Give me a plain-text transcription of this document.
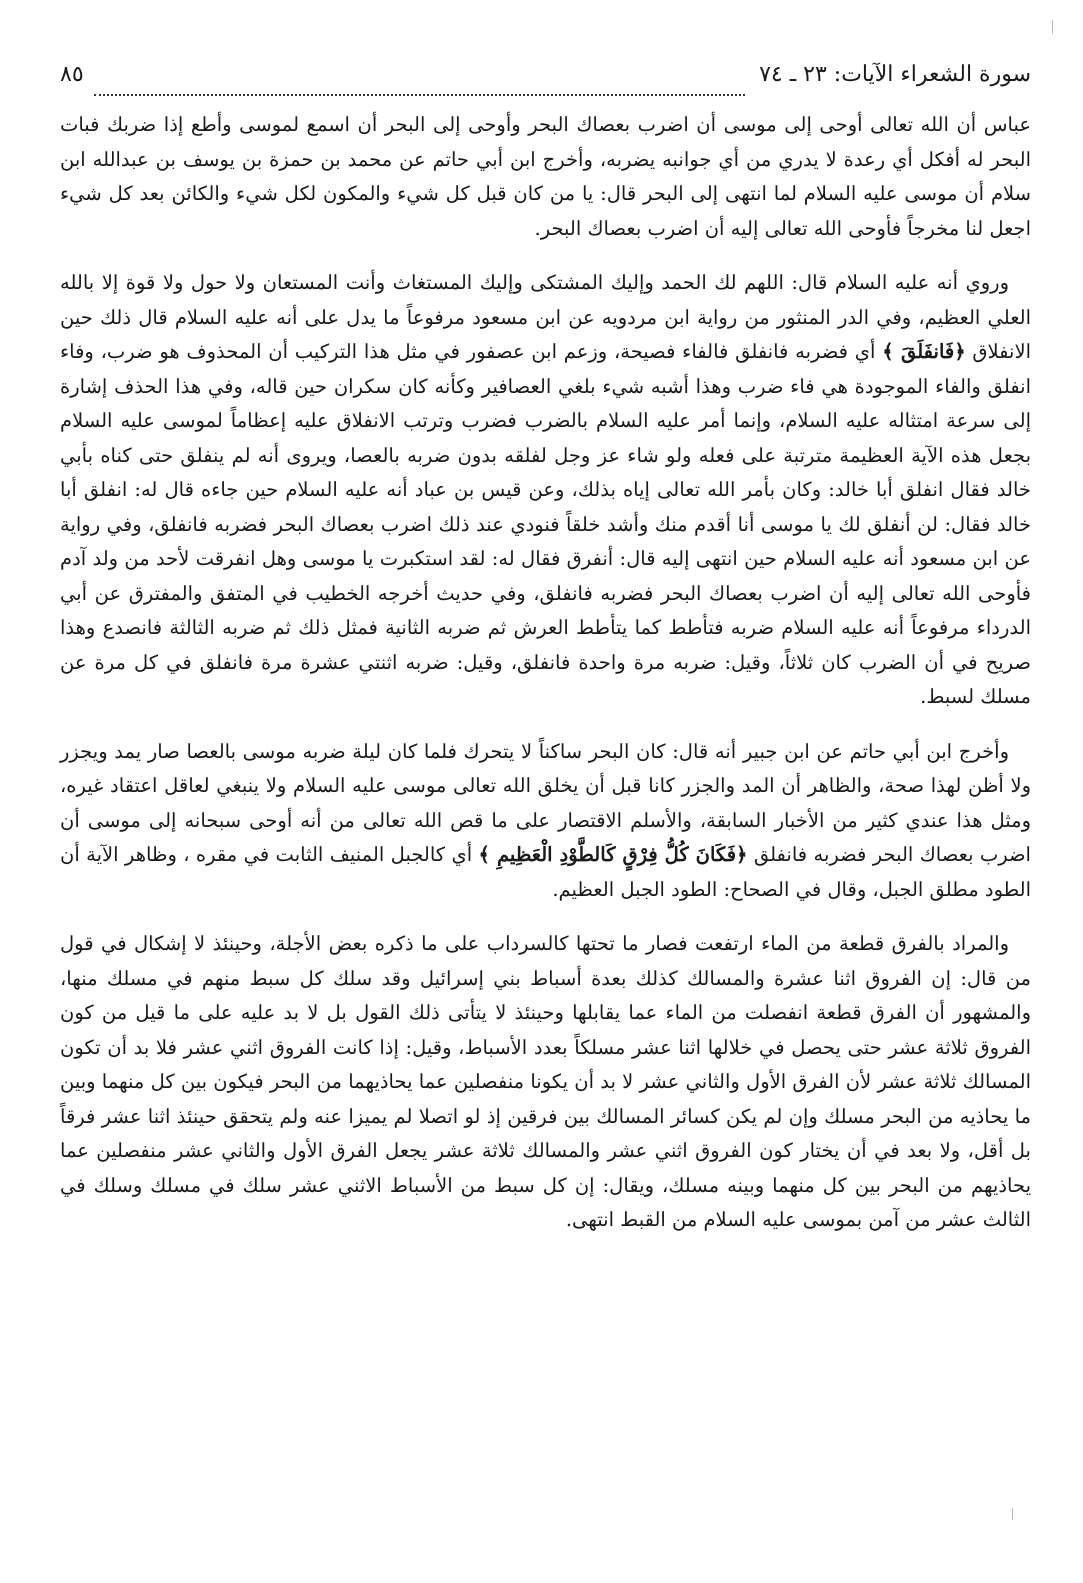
سورة الشعراء الآيات: ٢٣ ـ ٧٤
٨٥

عباس أن الله تعالى أوحى إلى موسى أن اضرب بعصاك البحر وأوحى إلى البحر أن اسمع لموسى وأطع إذا ضربك فبات البحر له أفكل أي رعدة لا يدري من أي جوانبه يضربه، وأخرج ابن أبي حاتم عن محمد بن حمزة بن يوسف بن عبدالله ابن سلام أن موسى عليه السلام لما انتهى إلى البحر قال: يا من كان قبل كل شيء والمكون لكل شيء والكائن بعد كل شيء اجعل لنا مخرجاً فأوحى الله تعالى إليه أن اضرب بعصاك البحر.

وروي أنه عليه السلام قال: اللهم لك الحمد وإليك المشتكى وإليك المستغاث وأنت المستعان ولا حول ولا قوة إلا بالله العلي العظيم، وفي الدر المنثور من رواية ابن مردويه عن ابن مسعود مرفوعاً ما يدل على أنه عليه السلام قال ذلك حين الانفلاق ﴿فَانفَلَقَ ﴾ أي فضربه فانفلق فالفاء فصيحة، وزعم ابن عصفور في مثل هذا التركيب أن المحذوف هو ضرب، وفاء انفلق والفاء الموجودة هي فاء ضرب وهذا أشبه شيء بلغي العصافير وكأنه كان سكران حين قاله، وفي هذا الحذف إشارة إلى سرعة امتثاله عليه السلام، وإنما أمر عليه السلام بالضرب فضرب وترتب الانفلاق عليه إعظاماً لموسى عليه السلام بجعل هذه الآية العظيمة مترتبة على فعله ولو شاء عز وجل لفلقه بدون ضربه بالعصا، ويروى أنه لم ينفلق حتى كناه بأبي خالد فقال انفلق أبا خالد: وكان بأمر الله تعالى إياه بذلك، وعن قيس بن عباد أنه عليه السلام حين جاءه قال له: انفلق أبا خالد فقال: لن أنفلق لك يا موسى أنا أقدم منك وأشد خلقاً فنودي عند ذلك اضرب بعصاك البحر فضربه فانفلق، وفي رواية عن ابن مسعود أنه عليه السلام حين انتهى إليه قال: أنفرق فقال له: لقد استكبرت يا موسى وهل انفرقت لأحد من ولد آدم فأوحى الله تعالى إليه أن اضرب بعصاك البحر فضربه فانفلق، وفي حديث أخرجه الخطيب في المتفق والمفترق عن أبي الدرداء مرفوعاً أنه عليه السلام ضربه فتأطط كما يتأطط العرش ثم ضربه الثانية فمثل ذلك ثم ضربه الثالثة فانصدع وهذا صريح في أن الضرب كان ثلاثاً، وقيل: ضربه مرة واحدة فانفلق، وقيل: ضربه اثنتي عشرة مرة فانفلق في كل مرة عن مسلك لسبط.

وأخرج ابن أبي حاتم عن ابن جبير أنه قال: كان البحر ساكناً لا يتحرك فلما كان ليلة ضربه موسى بالعصا صار يمد ويجزر ولا أظن لهذا صحة، والظاهر أن المد والجزر كانا قبل أن يخلق الله تعالى موسى عليه السلام ولا ينبغي لعاقل اعتقاد غيره، ومثل هذا عندي كثير من الأخبار السابقة، والأسلم الاقتصار على ما قص الله تعالى من أنه أوحى سبحانه إلى موسى أن اضرب بعصاك البحر فضربه فانفلق ﴿فَكَانَ كُلُّ فِرْقٍ كَالطَّوْدِ الْعَظِيمِ ﴾ أي كالجبل المنيف الثابت في مقره ، وظاهر الآية أن الطود مطلق الجبل، وقال في الصحاح: الطود الجبل العظيم.

والمراد بالفرق قطعة من الماء ارتفعت فصار ما تحتها كالسرداب على ما ذكره بعض الأجلة، وحينئذ لا إشكال في قول من قال: إن الفروق اثنا عشرة والمسالك كذلك بعدة أسباط بني إسرائيل وقد سلك كل سبط منهم في مسلك منها، والمشهور أن الفرق قطعة انفصلت من الماء عما يقابلها وحينئذ لا يتأتى ذلك القول بل لا بد عليه على ما قيل من كون الفروق ثلاثة عشر حتى يحصل في خلالها اثنا عشر مسلكاً بعدد الأسباط، وقيل: إذا كانت الفروق اثني عشر فلا بد أن تكون المسالك ثلاثة عشر لأن الفرق الأول والثاني عشر لا بد أن يكونا منفصلين عما يحاذيهما من البحر فيكون بين كل منهما وبين ما يحاذيه من البحر مسلك وإن لم يكن كسائر المسالك بين فرقين إذ لو اتصلا لم يميزا عنه ولم يتحقق حينئذ اثنا عشر فرقاً بل أقل، ولا بعد في أن يختار كون الفروق اثني عشر والمسالك ثلاثة عشر يجعل الفرق الأول والثاني عشر منفصلين عما يحاذيهم من البحر بين كل منهما وبينه مسلك، ويقال: إن كل سبط من الأسباط الاثني عشر سلك في مسلك وسلك في الثالث عشر من آمن بموسى عليه السلام من القبط انتهى.
